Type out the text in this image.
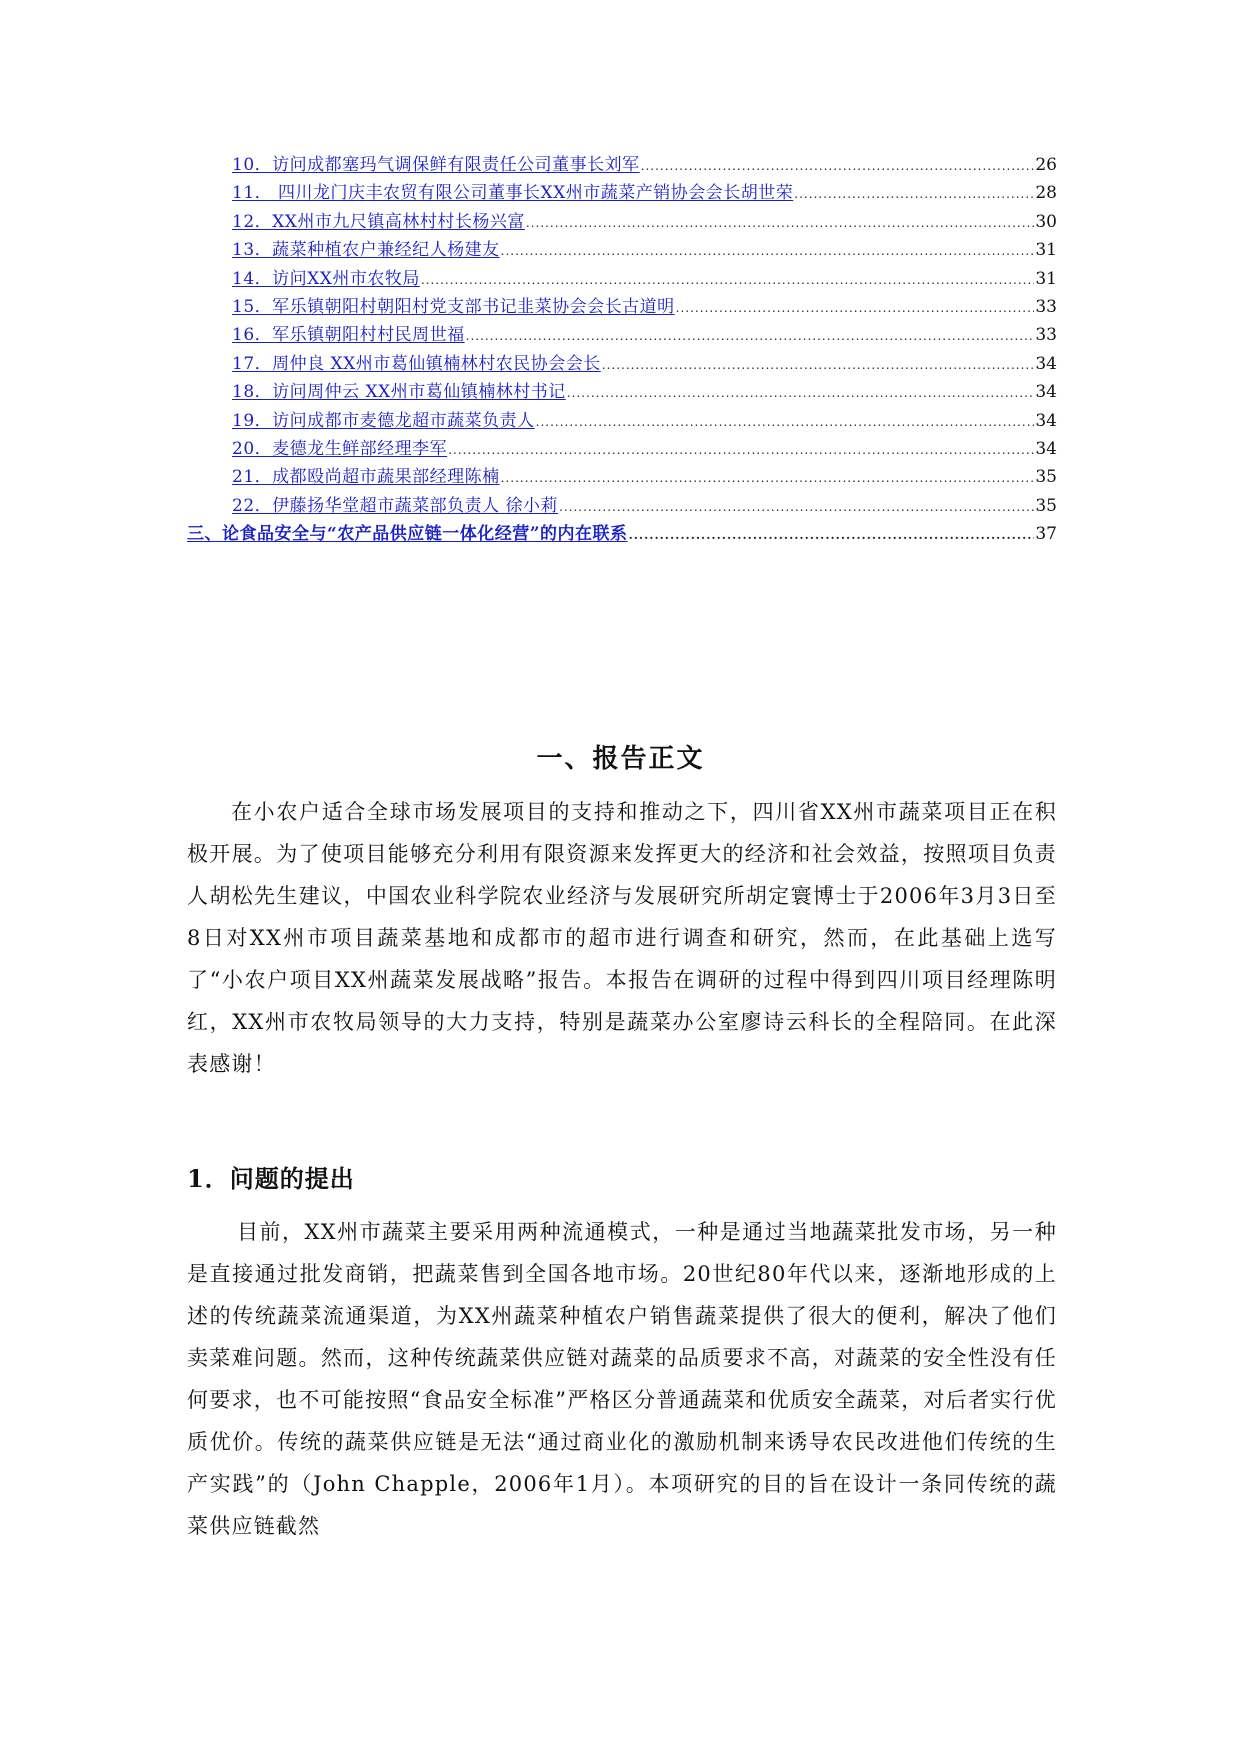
10．访问成都塞玛气调保鲜有限责任公司董事长刘军 .....	26
11． 四川龙门庆丰农贸有限公司董事长XX州市蔬菜产销协会会长胡世荣 .....	28
12．XX州市九尺镇高林村村长杨兴富 .....	30
13．蔬菜种植农户兼经纪人杨建友 .....	31
14．访问XX州市农牧局 .....	31
15．军乐镇朝阳村朝阳村党支部书记韭菜协会会长古道明 .....	33
16．军乐镇朝阳村村民周世福 .....	33
17．周仲良 XX州市葛仙镇楠林村农民协会会长 .....	34
18．访问周仲云 XX州市葛仙镇楠林村书记 .....	34
19．访问成都市麦德龙超市蔬菜负责人 .....	34
20．麦德龙生鲜部经理李军 .....	34
21．成都殴尚超市蔬果部经理陈楠 .....	35
22．伊藤扬华堂超市蔬菜部负责人 徐小莉 .....	35
三、论食品安全与“农产品供应链一体化经营”的内在联系 .....	37
一、报告正文

在小农户适合全球市场发展项目的支持和推动之下，四川省XX州市蔬菜项目正在积极开展。为了使项目能够充分利用有限资源来发挥更大的经济和社会效益，按照项目负责人胡松先生建议，中国农业科学院农业经济与发展研究所胡定寰博士于2006年3月3日至8日对XX州市项目蔬菜基地和成都市的超市进行调查和研究，然而，在此基础上选写了“小农户项目XX州蔬菜发展战略”报告。本报告在调研的过程中得到四川项目经理陈明红，XX州市农牧局领导的大力支持，特别是蔬菜办公室廖诗云科长的全程陪同。在此深表感谢！

1．问题的提出

目前，XX州市蔬菜主要采用两种流通模式，一种是通过当地蔬菜批发市场，另一种是直接通过批发商销，把蔬菜售到全国各地市场。20世纪80年代以来，逐渐地形成的上述的传统蔬菜流通渠道，为XX州蔬菜种植农户销售蔬菜提供了很大的便利，解决了他们卖菜难问题。然而，这种传统蔬菜供应链对蔬菜的品质要求不高，对蔬菜的安全性没有任何要求，也不可能按照“食品安全标准”严格区分普通蔬菜和优质安全蔬菜，对后者实行优质优价。传统的蔬菜供应链是无法“通过商业化的激励机制来诱导农民改进他们传统的生产实践”的（John Chapple，2006年1月）。本项研究的目的旨在设计一条同传统的蔬菜供应链截然
